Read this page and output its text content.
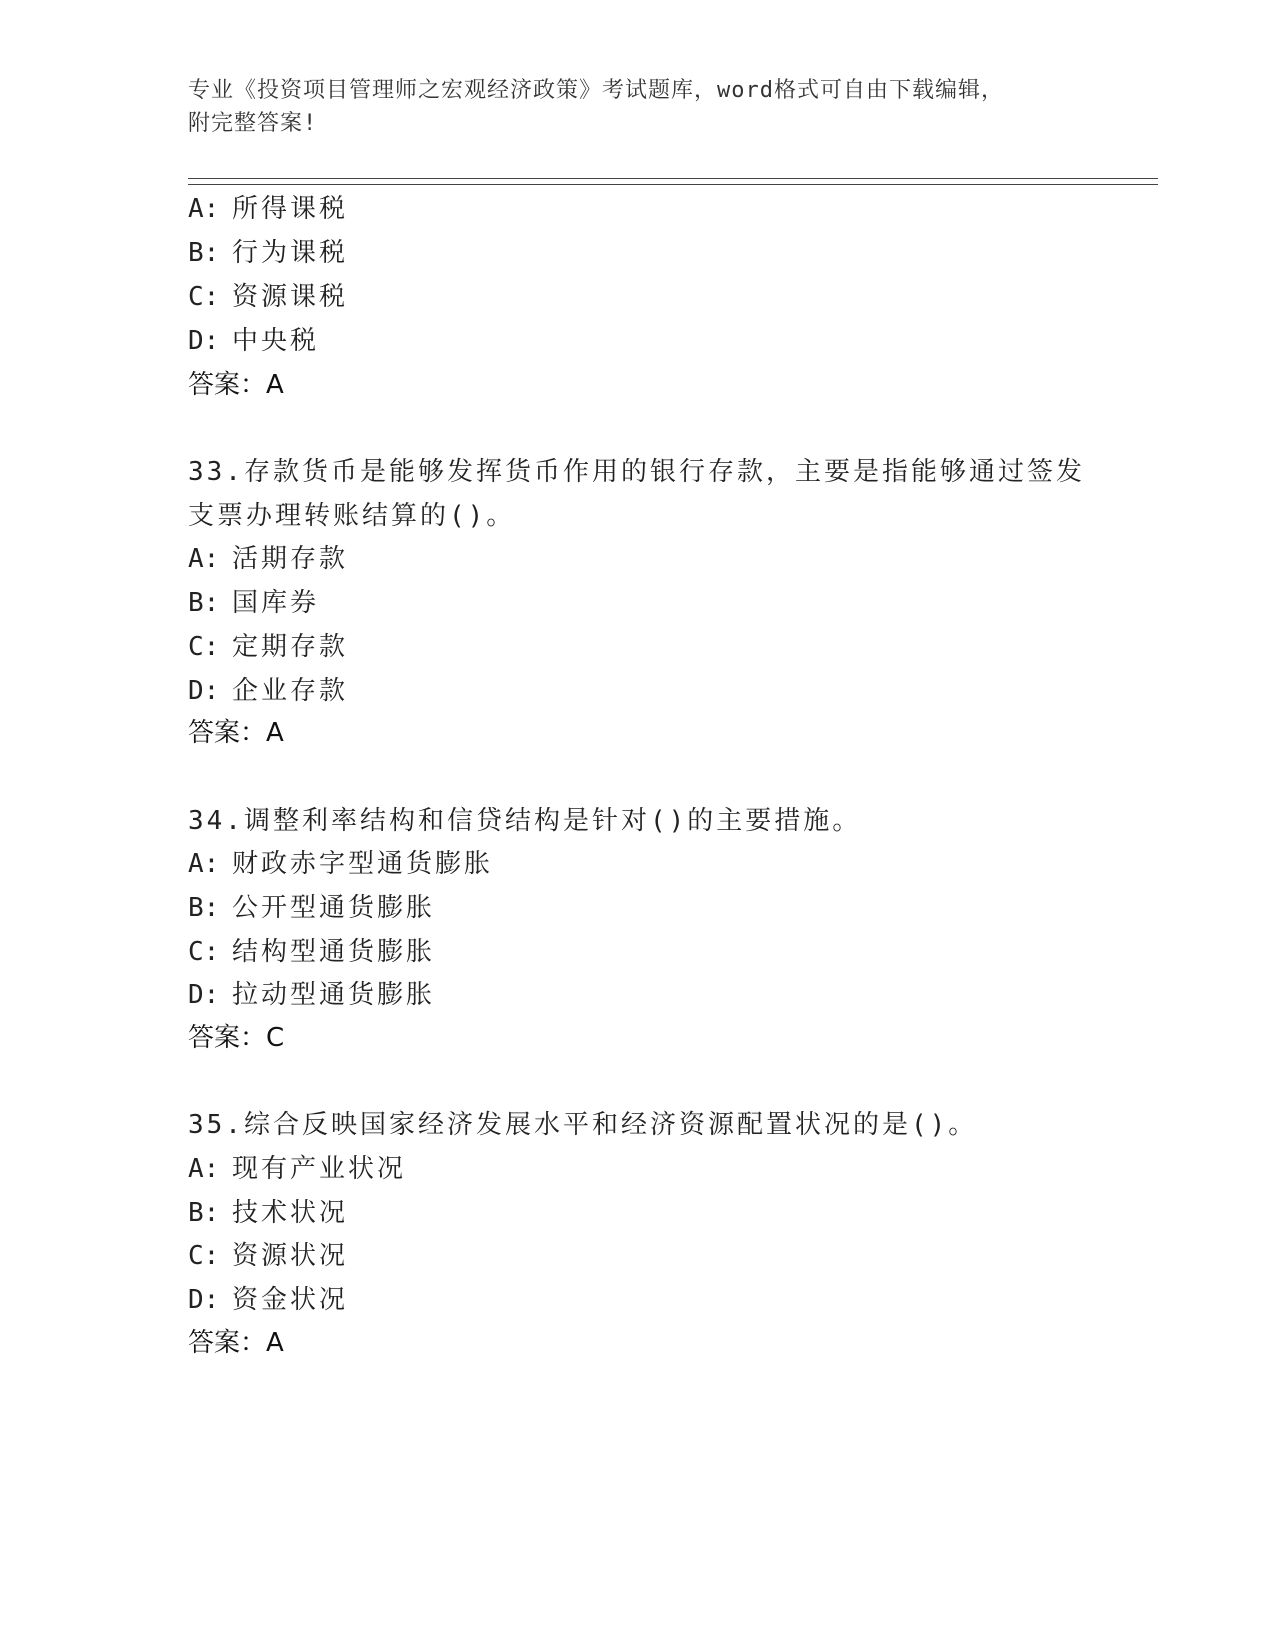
专业《投资项目管理师之宏观经济政策》考试题库，word格式可自由下载编辑，
附完整答案!
A: 所得课税
B: 行为课税
C: 资源课税
D: 中央税
答案：A
33.存款货币是能够发挥货币作用的银行存款，主要是指能够通过签发
支票办理转账结算的()。
A: 活期存款
B: 国库券
C: 定期存款
D: 企业存款
答案：A
34.调整利率结构和信贷结构是针对()的主要措施。
A: 财政赤字型通货膨胀
B: 公开型通货膨胀
C: 结构型通货膨胀
D: 拉动型通货膨胀
答案：C
35.综合反映国家经济发展水平和经济资源配置状况的是()。
A: 现有产业状况
B: 技术状况
C: 资源状况
D: 资金状况
答案：A
